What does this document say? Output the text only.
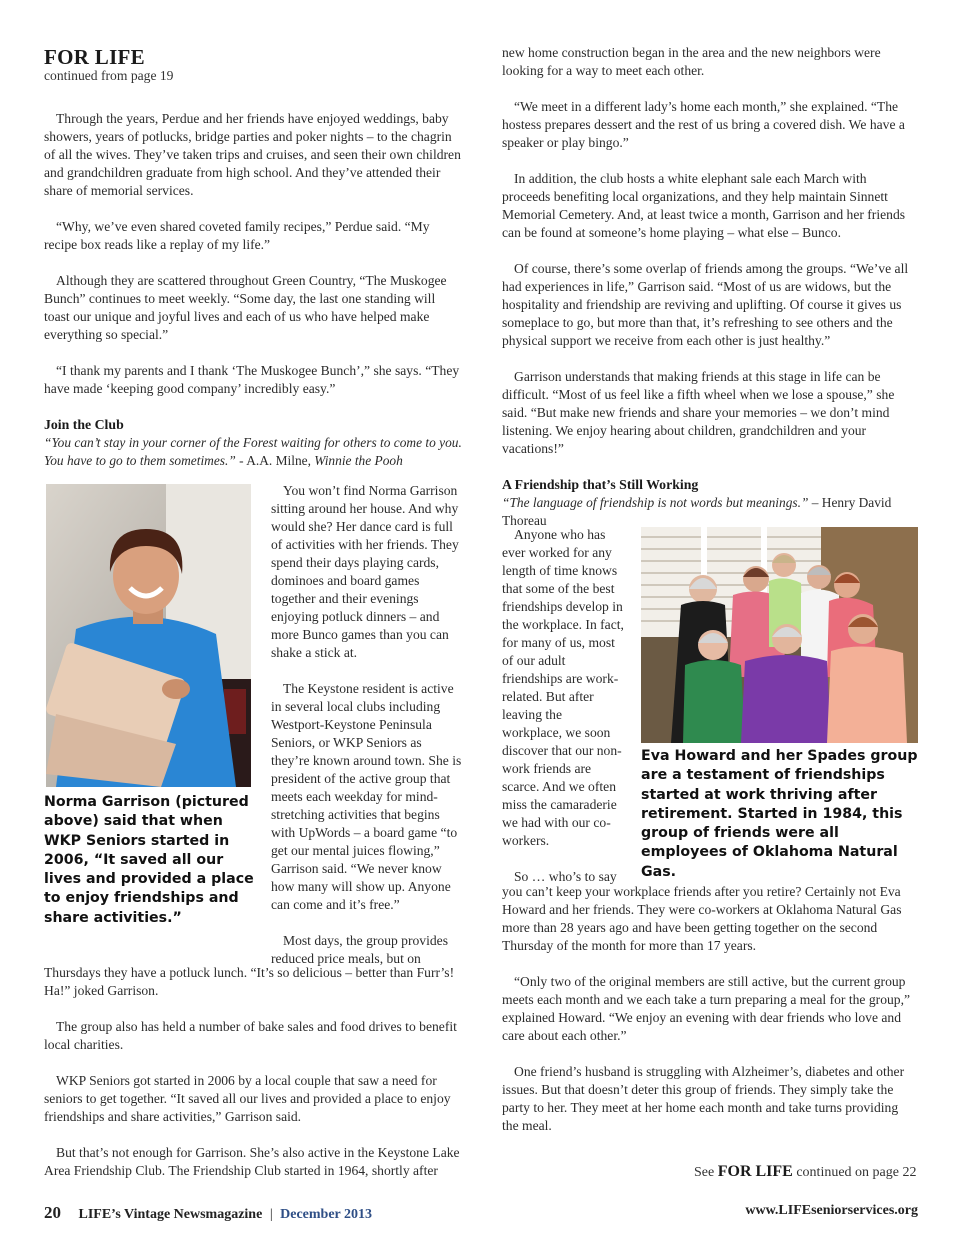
FOR LIFE
continued from page 19

Through the years, Perdue and her friends have enjoyed weddings, baby showers, years of potlucks, bridge parties and poker nights – to the chagrin of all the wives. They’ve taken trips and cruises, and seen their own children and grandchildren graduate from high school. And they’ve attended their share of memorial services.

“Why, we’ve even shared coveted family recipes,” Perdue said. “My recipe box reads like a replay of my life.”

Although they are scattered throughout Green Country, “The Muskogee Bunch” continues to meet weekly. “Some day, the last one standing will toast our unique and joyful lives and each of us who have helped make everything so special.”

“I thank my parents and I thank ‘The Muskogee Bunch’,” she says. “They have made ‘keeping good company’ incredibly easy.”

Join the Club
“You can’t stay in your corner of the Forest waiting for others to come to you. You have to go to them sometimes.” - A.A. Milne, Winnie the Pooh
Norma Garrison (pictured above) said that when WKP Seniors started in 2006, “It saved all our lives and provided a place to enjoy friendships and share activities.”

You won’t find Norma Garrison sitting around her house. And why would she? Her dance card is full of activities with her friends. They spend their days playing cards, dominoes and board games together and their evenings enjoying potluck dinners – and more Bunco games than you can shake a stick at.

The Keystone resident is active in several local clubs including Westport-Keystone Peninsula Seniors, or WKP Seniors as they’re known around town. She is president of the active group that meets each weekday for mind-stretching activities that begins with UpWords – a board game “to get our mental juices flowing,” Garrison said. “We never know how many will show up. Anyone can come and it’s free.”

Most days, the group provides reduced price meals, but on

Thursdays they have a potluck lunch. “It’s so delicious – better than Furr’s! Ha!” joked Garrison.

The group also has held a number of bake sales and food drives to benefit local charities.

WKP Seniors got started in 2006 by a local couple that saw a need for seniors to get together. “It saved all our lives and provided a place to enjoy friendships and share activities,” Garrison said.

But that’s not enough for Garrison. She’s also active in the Keystone Lake Area Friendship Club. The Friendship Club started in 1964, shortly after

new home construction began in the area and the new neighbors were looking for a way to meet each other.

“We meet in a different lady’s home each month,” she explained. “The hostess prepares dessert and the rest of us bring a covered dish. We have a speaker or play bingo.”

In addition, the club hosts a white elephant sale each March with proceeds benefiting local organizations, and they help maintain Sinnett Memorial Cemetery. And, at least twice a month, Garrison and her friends can be found at someone’s home playing – what else – Bunco.

Of course, there’s some overlap of friends among the groups. “We’ve all had experiences in life,” Garrison said. “Most of us are widows, but the hospitality and friendship are reviving and uplifting. Of course it gives us someplace to go, but more than that, it’s refreshing to see others and the physical support we receive from each other is just healthy.”

Garrison understands that making friends at this stage in life can be difficult. “Most of us feel like a fifth wheel when we lose a spouse,” she said. “But make new friends and share your memories – we don’t mind listening. We enjoy hearing about children, grandchildren and your vacations!”

A Friendship that’s Still Working
“The language of friendship is not words but meanings.” – Henry David Thoreau

Anyone who has ever worked for any length of time knows that some of the best friendships develop in the workplace. In fact, for many of us, most of our adult friendships are work-related. But after leaving the workplace, we soon discover that our non-work friends are scarce. And we often miss the camaraderie we had with our co-workers.

So … who’s to say

Eva Howard and her Spades group are a testament of friendships started at work thriving after retirement. Started in 1984, this group of friends were all employees of Oklahoma Natural Gas.

you can’t keep your workplace friends after you retire? Certainly not Eva Howard and her friends. They were co-workers at Oklahoma Natural Gas more than 28 years ago and have been getting together on the second Thursday of the month for more than 17 years.

“Only two of the original members are still active, but the current group meets each month and we each take a turn preparing a meal for the group,” explained Howard. “We enjoy an evening with dear friends who love and care about each other.”

One friend’s husband is struggling with Alzheimer’s, diabetes and other issues. But that doesn’t deter this group of friends. They simply take the party to her. They meet at her home each month and take turns providing the meal.

See FOR LIFE continued on page 22
20 LIFE’s Vintage Newsmagazine | December 2013	www.LIFEseniorservices.org
